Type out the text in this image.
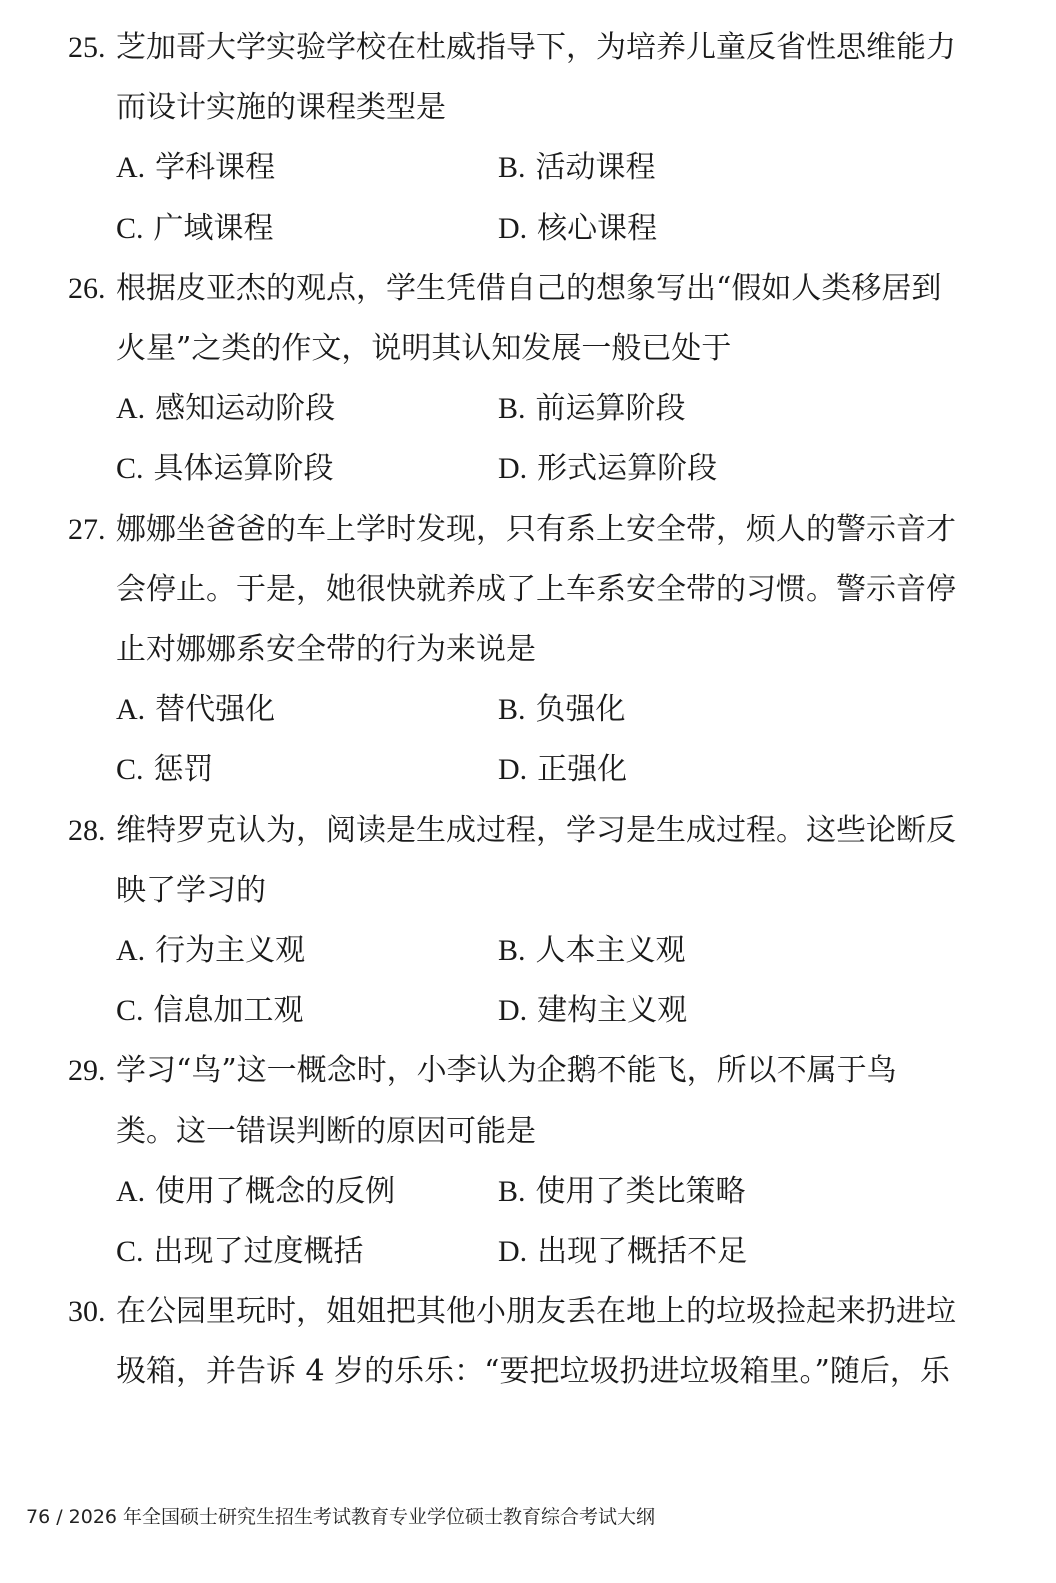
25. 芝加哥大学实验学校在杜威指导下，为培养儿童反省性思维能力
而设计实施的课程类型是
A. 学科课程	B. 活动课程
C. 广域课程	D. 核心课程
26. 根据皮亚杰的观点，学生凭借自己的想象写出“假如人类移居到
火星”之类的作文，说明其认知发展一般已处于
A. 感知运动阶段	B. 前运算阶段
C. 具体运算阶段	D. 形式运算阶段
27. 娜娜坐爸爸的车上学时发现，只有系上安全带，烦人的警示音才
会停止。于是，她很快就养成了上车系安全带的习惯。警示音停
止对娜娜系安全带的行为来说是
A. 替代强化	B. 负强化
C. 惩罚	D. 正强化
28. 维特罗克认为，阅读是生成过程，学习是生成过程。这些论断反
映了学习的
A. 行为主义观	B. 人本主义观
C. 信息加工观	D. 建构主义观
29. 学习“鸟”这一概念时，小李认为企鹅不能飞，所以不属于鸟
类。这一错误判断的原因可能是
A. 使用了概念的反例	B. 使用了类比策略
C. 出现了过度概括	D. 出现了概括不足
30. 在公园里玩时，姐姐把其他小朋友丢在地上的垃圾捡起来扔进垃
圾箱，并告诉 4 岁的乐乐：“要把垃圾扔进垃圾箱里。”随后，乐
76 / 2026 年全国硕士研究生招生考试教育专业学位硕士教育综合考试大纲
